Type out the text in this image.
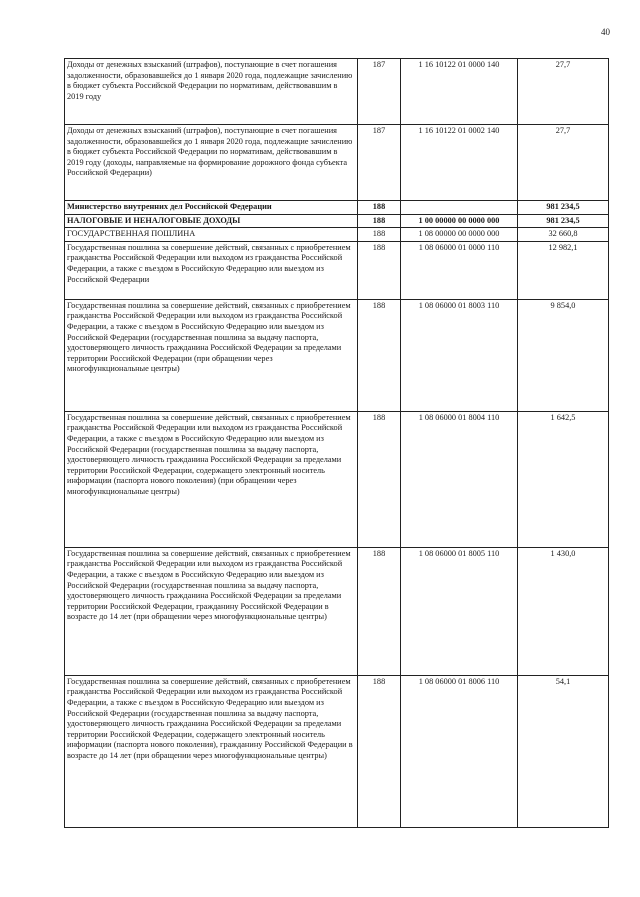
40
Доходы от денежных взысканий (штрафов), поступающие в счет погашения задолженности, образовавшейся до 1 января 2020 года, подлежащие зачислению в бюджет субъекта Российской Федерации по нормативам, действовавшим в 2019 году	187	1 16 10122 01 0000 140	27,7
Доходы от денежных взысканий (штрафов), поступающие в счет погашения задолженности, образовавшейся до 1 января 2020 года, подлежащие зачислению в бюджет субъекта Российской Федерации по нормативам, действовавшим в 2019 году (доходы, направляемые на формирование дорожного фонда субъекта Российской Федерации)	187	1 16 10122 01 0002 140	27,7
Министерство внутренних дел Российской Федерации	188		981 234,5
НАЛОГОВЫЕ И НЕНАЛОГОВЫЕ ДОХОДЫ	188	1 00 00000 00 0000 000	981 234,5
ГОСУДАРСТВЕННАЯ ПОШЛИНА	188	1 08 00000 00 0000 000	32 660,8
Государственная пошлина за совершение действий, связанных с приобретением гражданства Российской Федерации или выходом из гражданства Российской Федерации, а также с въездом в Российскую Федерацию или выездом из Российской Федерации	188	1 08 06000 01 0000 110	12 982,1
Государственная пошлина за совершение действий, связанных с приобретением гражданства Российской Федерации или выходом из гражданства Российской Федерации, а также с въездом в Российскую Федерацию или выездом из Российской Федерации (государственная пошлина за выдачу паспорта, удостоверяющего личность гражданина Российской Федерации за пределами территории Российской Федерации (при обращении через многофункциональные центры)	188	1 08 06000 01 8003 110	9 854,0
Государственная пошлина за совершение действий, связанных с приобретением гражданства Российской Федерации или выходом из гражданства Российской Федерации, а также с въездом в Российскую Федерацию или выездом из Российской Федерации (государственная пошлина за выдачу паспорта, удостоверяющего личность гражданина Российской Федерации за пределами территории Российской Федерации, содержащего электронный носитель информации (паспорта нового поколения) (при обращении через многофункциональные центры)	188	1 08 06000 01 8004 110	1 642,5
Государственная пошлина за совершение действий, связанных с приобретением гражданства Российской Федерации или выходом из гражданства Российской Федерации, а также с въездом в Российскую Федерацию или выездом из Российской Федерации (государственная пошлина за выдачу паспорта, удостоверяющего личность гражданина Российской Федерации за пределами территории Российской Федерации, гражданину Российской Федерации в возрасте до 14 лет (при обращении через многофункциональные центры)	188	1 08 06000 01 8005 110	1 430,0
Государственная пошлина за совершение действий, связанных с приобретением гражданства Российской Федерации или выходом из гражданства Российской Федерации, а также с въездом в Российскую Федерацию или выездом из Российской Федерации (государственная пошлина за выдачу паспорта, удостоверяющего личность гражданина Российской Федерации за пределами территории Российской Федерации, содержащего электронный носитель информации (паспорта нового поколения), гражданину Российской Федерации в возрасте до 14 лет (при обращении через многофункциональные центры)	188	1 08 06000 01 8006 110	54,1
